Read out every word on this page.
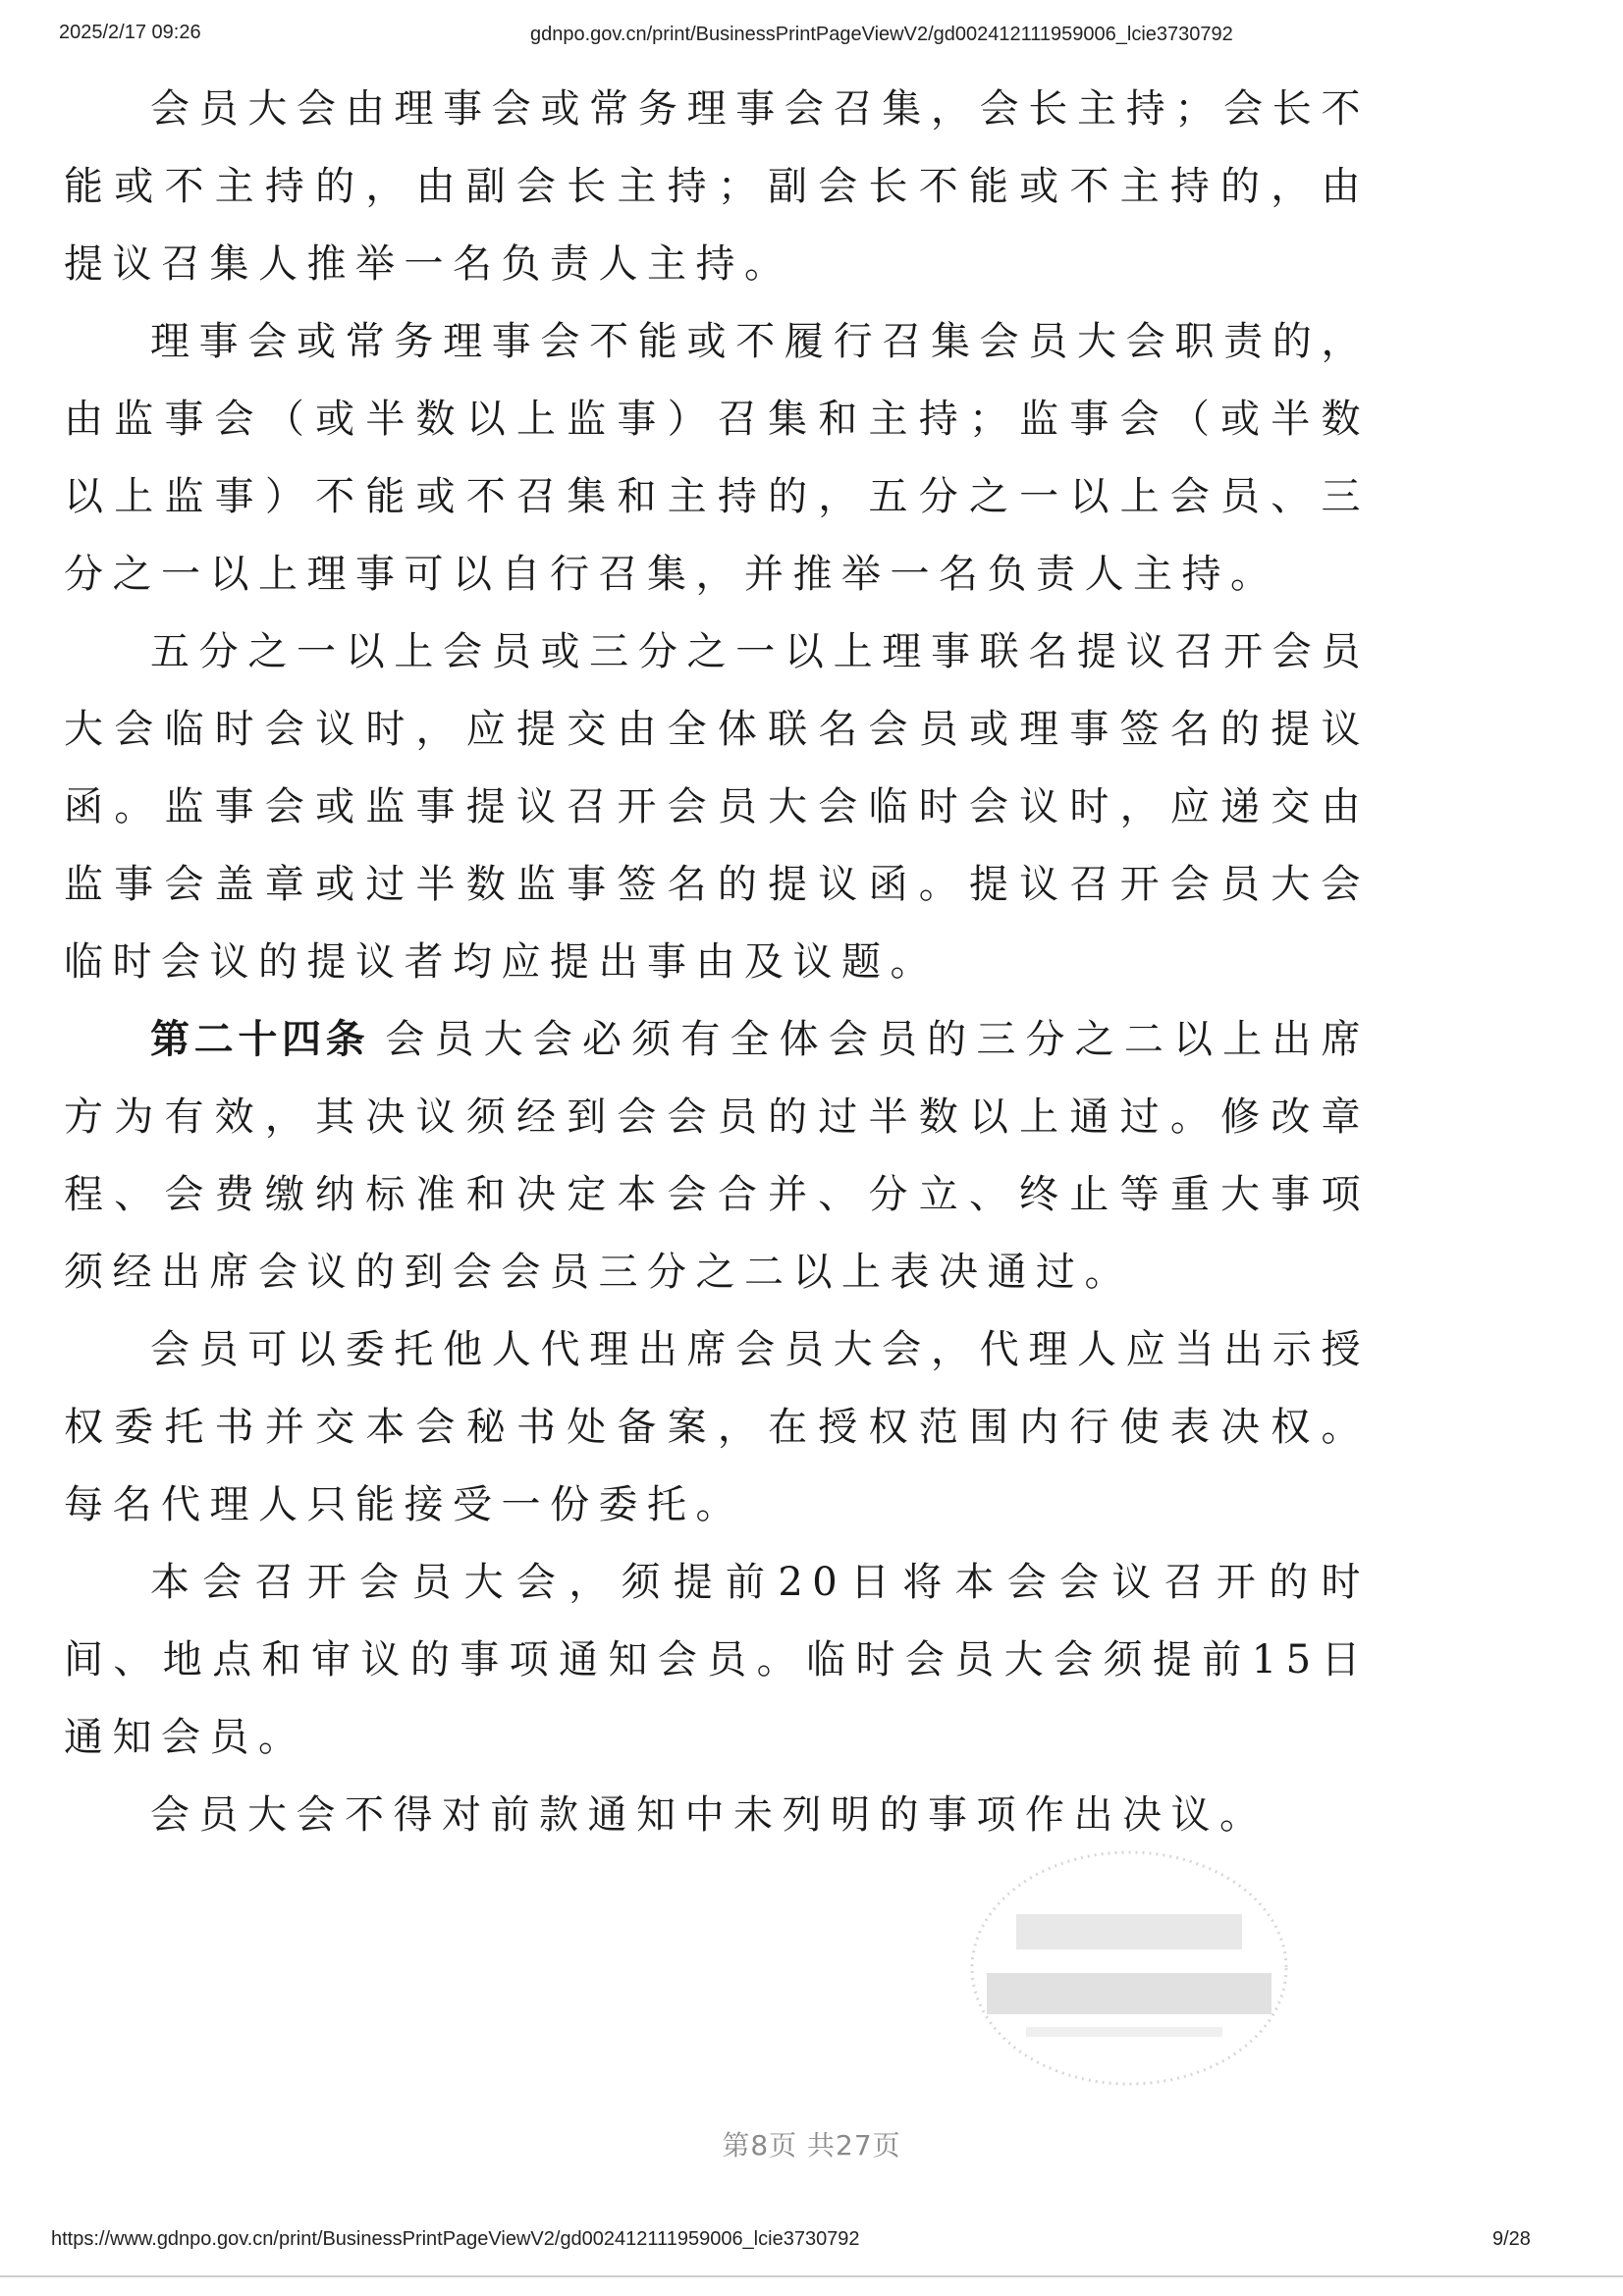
2025/2/17 09:26	gdnpo.gov.cn/print/BusinessPrintPageViewV2/gd002412111959006_lcie3730792

会员大会由理事会或常务理事会召集，会长主持；会长不能或不主持的，由副会长主持；副会长不能或不主持的，由提议召集人推举一名负责人主持。

理事会或常务理事会不能或不履行召集会员大会职责的，由监事会（或半数以上监事）召集和主持；监事会（或半数以上监事）不能或不召集和主持的，五分之一以上会员、三分之一以上理事可以自行召集，并推举一名负责人主持。

五分之一以上会员或三分之一以上理事联名提议召开会员大会临时会议时，应提交由全体联名会员或理事签名的提议函。监事会或监事提议召开会员大会临时会议时，应递交由监事会盖章或过半数监事签名的提议函。提议召开会员大会临时会议的提议者均应提出事由及议题。

第二十四条 会员大会必须有全体会员的三分之二以上出席方为有效，其决议须经到会会员的过半数以上通过。修改章程、会费缴纳标准和决定本会合并、分立、终止等重大事项须经出席会议的到会会员三分之二以上表决通过。

会员可以委托他人代理出席会员大会，代理人应当出示授权委托书并交本会秘书处备案，在授权范围内行使表决权。每名代理人只能接受一份委托。

本会召开会员大会，须提前20日将本会会议召开的时间、地点和审议的事项通知会员。临时会员大会须提前15日通知会员。

会员大会不得对前款通知中未列明的事项作出决议。

第8页 共27页
https://www.gdnpo.gov.cn/print/BusinessPrintPageViewV2/gd002412111959006_lcie3730792	9/28
